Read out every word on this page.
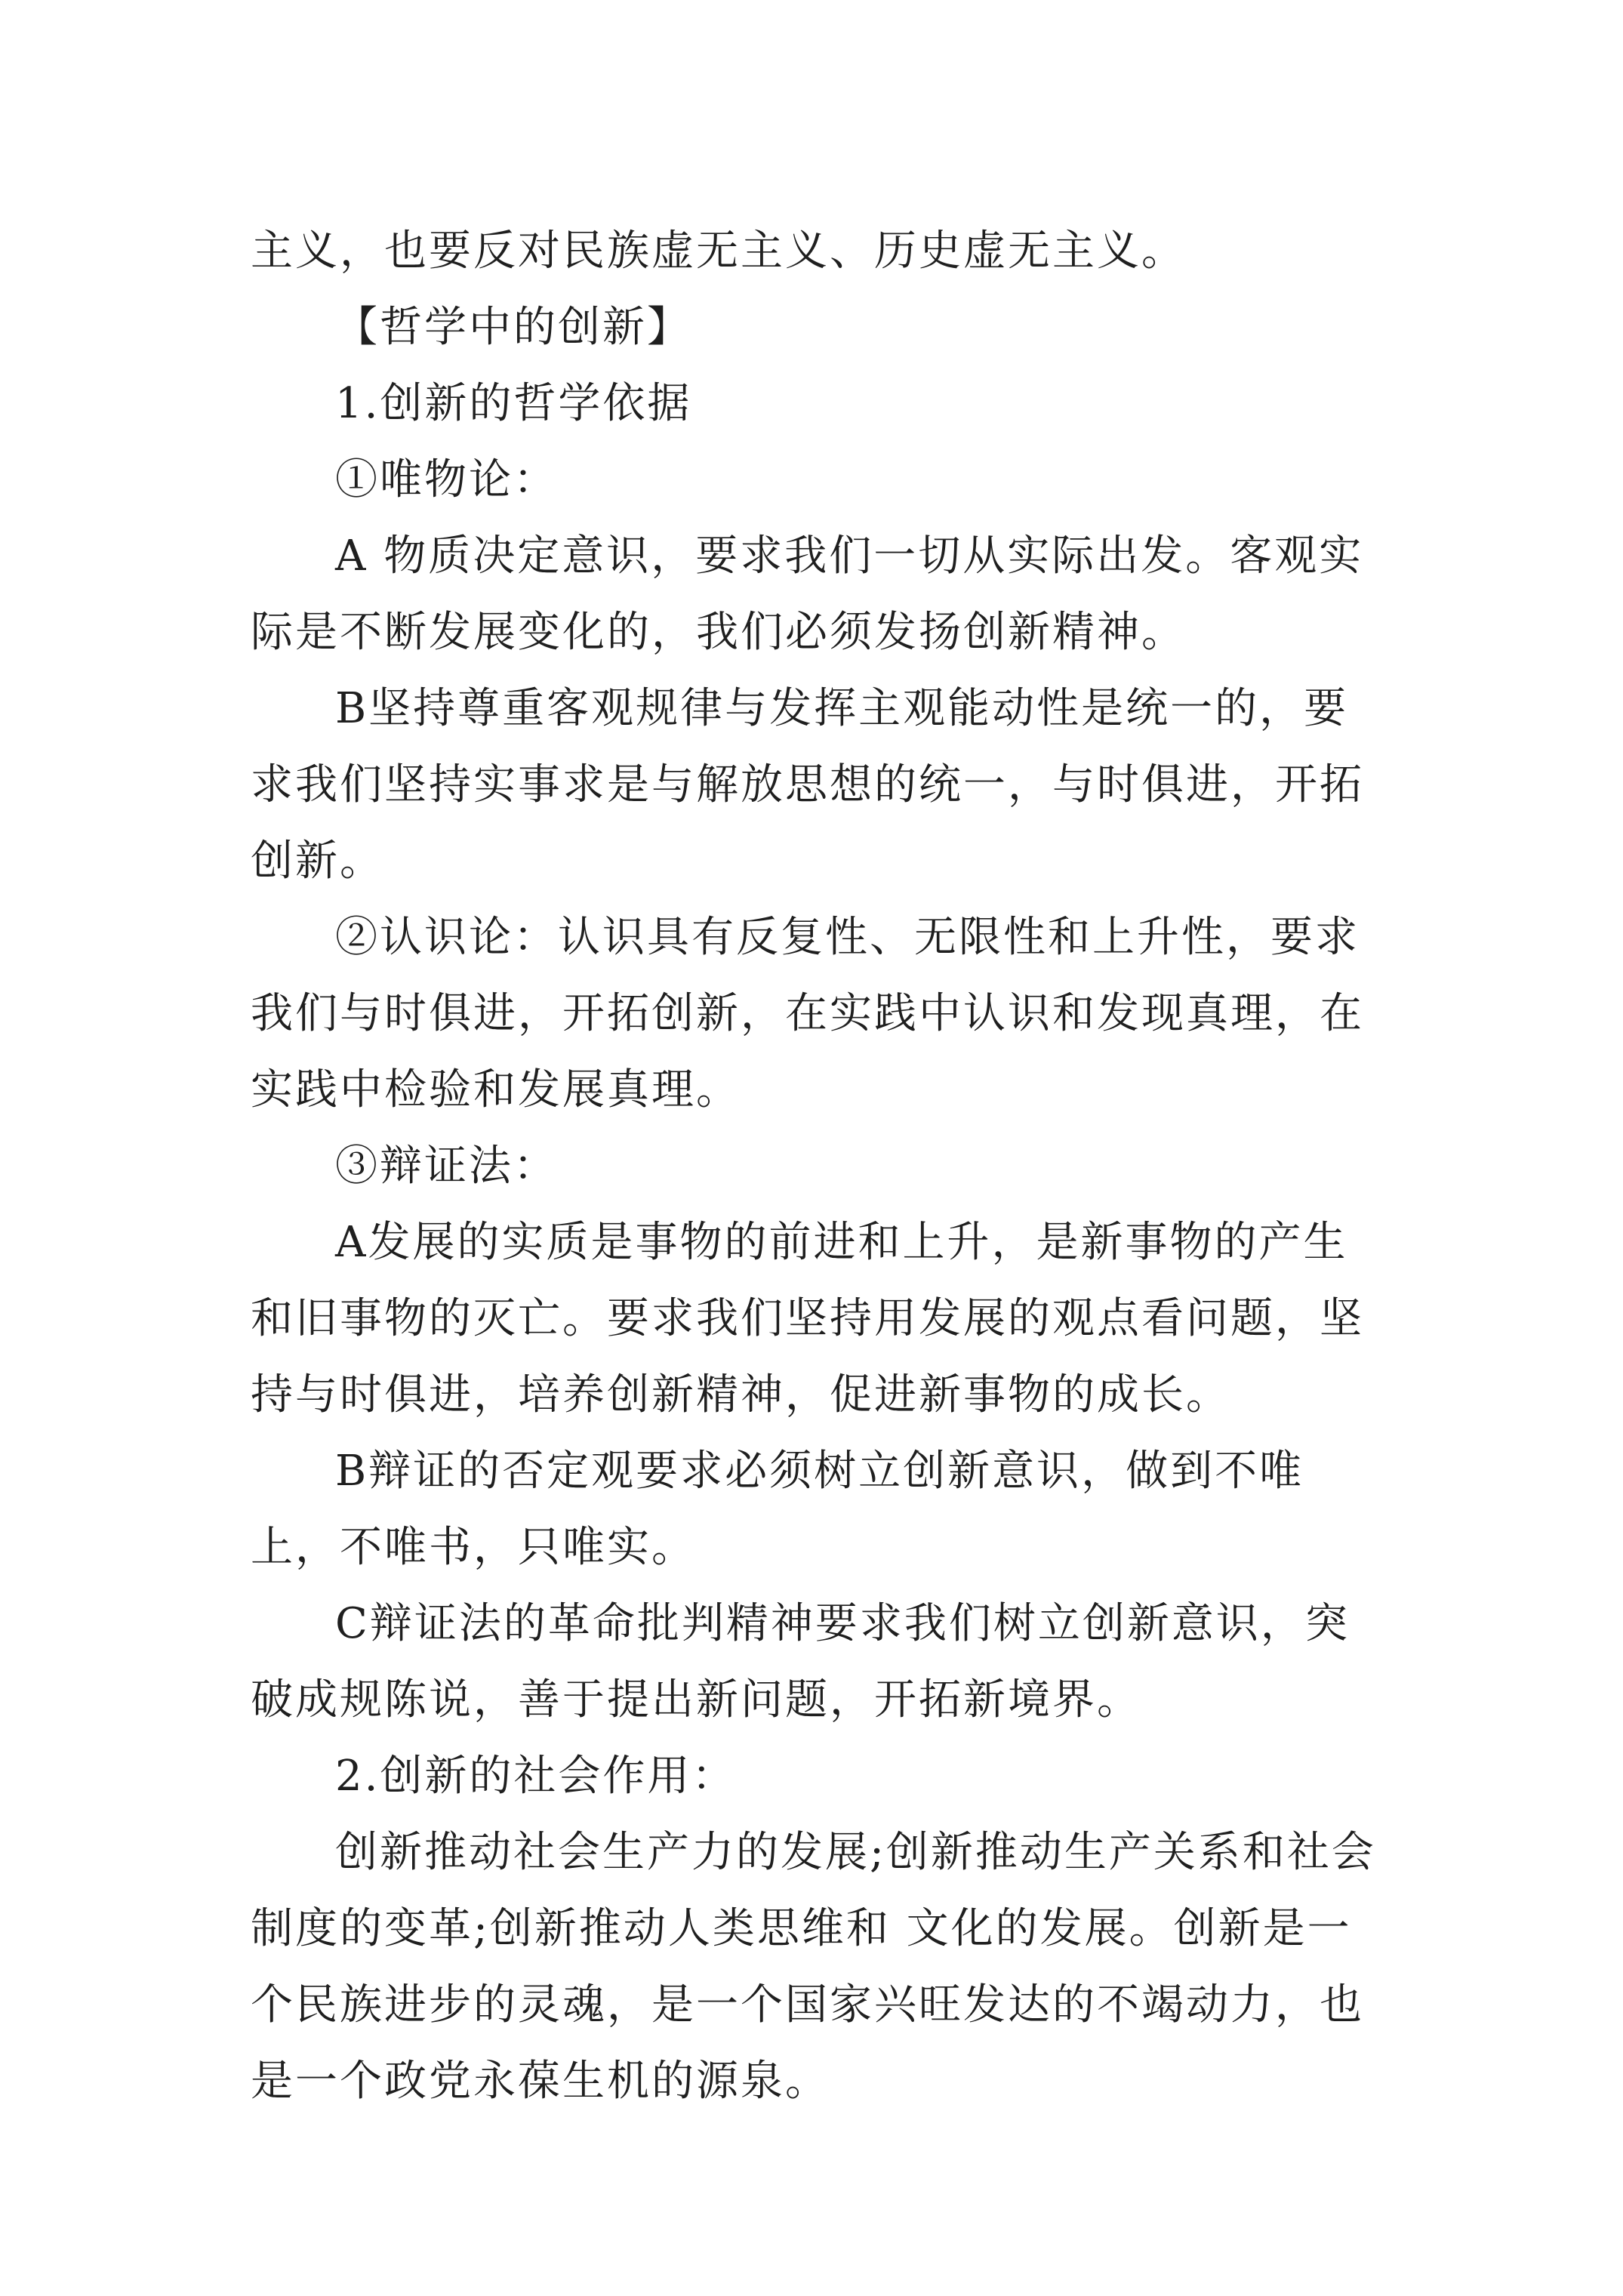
主义，也要反对民族虚无主义、历史虚无主义。

【哲学中的创新】

1.创新的哲学依据

①唯物论：

A 物质决定意识，要求我们一切从实际出发。客观实际是不断发展变化的，我们必须发扬创新精神。

B坚持尊重客观规律与发挥主观能动性是统一的，要求我们坚持实事求是与解放思想的统一，与时俱进，开拓创新。

②认识论：认识具有反复性、无限性和上升性，要求我们与时俱进，开拓创新，在实践中认识和发现真理，在实践中检验和发展真理。

③辩证法：

A发展的实质是事物的前进和上升，是新事物的产生和旧事物的灭亡。要求我们坚持用发展的观点看问题，坚持与时俱进，培养创新精神，促进新事物的成长。

B辩证的否定观要求必须树立创新意识，做到不唯上，不唯书，只唯实。

C辩证法的革命批判精神要求我们树立创新意识，突破成规陈说，善于提出新问题，开拓新境界。

2.创新的社会作用：

创新推动社会生产力的发展;创新推动生产关系和社会制度的变革;创新推动人类思维和 文化的发展。创新是一个民族进步的灵魂，是一个国家兴旺发达的不竭动力，也是一个政党永葆生机的源泉。
